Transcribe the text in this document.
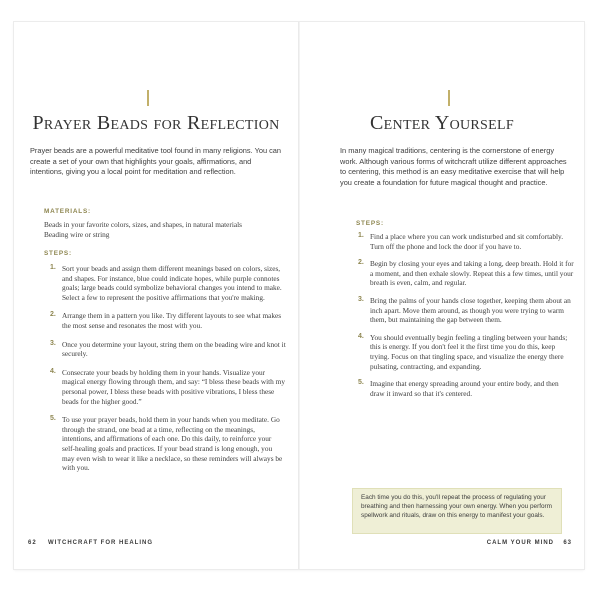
Prayer Beads for Reflection

Prayer beads are a powerful meditative tool found in many religions. You can create a set of your own that highlights your goals, affirmations, and intentions, giving you a local point for meditation and reflection.

MATERIALS:
Beads in your favorite colors, sizes, and shapes, in natural materials
Beading wire or string
STEPS:
1. Sort your beads and assign them different meanings based on colors, sizes, and shapes. For instance, blue could indicate hopes, while purple connotes goals; large beads could symbolize behavioral changes you intend to make. Select a few to represent the positive affirmations that you're making.
2. Arrange them in a pattern you like. Try different layouts to see what makes the most sense and resonates the most with you.
3. Once you determine your layout, string them on the beading wire and knot it securely.
4. Consecrate your beads by holding them in your hands. Visualize your magical energy flowing through them, and say: “I bless these beads with my personal power, I bless these beads with positive vibrations, I bless these beads for the higher good.”
5. To use your prayer beads, hold them in your hands when you meditate. Go through the strand, one bead at a time, reflecting on the meanings, intentions, and affirmations of each one. Do this daily, to reinforce your self-healing goals and practices. If your bead strand is long enough, you may even wish to wear it like a necklace, so these reminders will always be with you.
62 WITCHCRAFT FOR HEALING
Center Yourself

In many magical traditions, centering is the cornerstone of energy work. Although various forms of witchcraft utilize different approaches to centering, this method is an easy meditative exercise that will help you create a foundation for future magical thought and practice.

STEPS:
1. Find a place where you can work undisturbed and sit comfortably. Turn off the phone and lock the door if you have to.
2. Begin by closing your eyes and taking a long, deep breath. Hold it for a moment, and then exhale slowly. Repeat this a few times, until your breath is even, calm, and regular.
3. Bring the palms of your hands close together, keeping them about an inch apart. Move them around, as though you were trying to warm them, but maintaining the gap between them.
4. You should eventually begin feeling a tingling between your hands; this is energy. If you don't feel it the first time you do this, keep trying. Focus on that tingling space, and visualize the energy there pulsating, contracting, and expanding.
5. Imagine that energy spreading around your entire body, and then draw it inward so that it's centered.
Each time you do this, you'll repeat the process of regulating your breathing and then harnessing your own energy. When you perform spellwork and rituals, draw on this energy to manifest your goals.
CALM YOUR MIND 63
